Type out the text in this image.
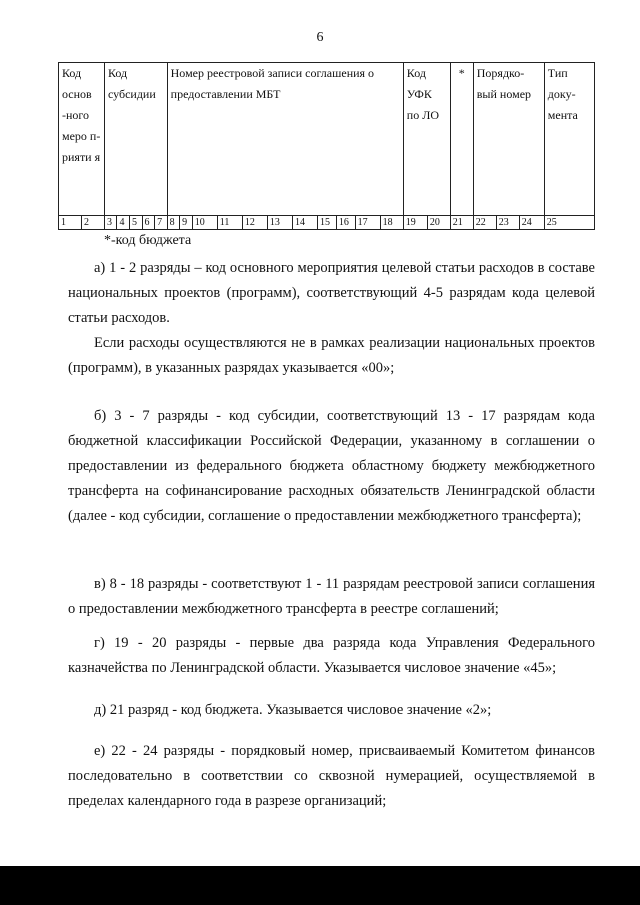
6
Код основ -ного меро п- рияти я		Код субсидии					Номер реестровой записи соглашения о предоставлении МБТ											Код УФК по ЛО		*	Порядко- вый номер			Тип доку- мента
1	2	3	4	5	6	7	8	9	10	11	12	13	14	15	16	17	18	19	20	21	22	23	24	25
*-код бюджета

а) 1 - 2 разряды – код основного мероприятия целевой статьи расходов в составе национальных проектов (программ), соответствующий 4-5 разрядам кода целевой статьи расходов.

Если расходы осуществляются не в рамках реализации национальных проектов (программ), в указанных разрядах указывается «00»;

б) 3 - 7 разряды - код субсидии, соответствующий 13 - 17 разрядам кода бюджетной классификации Российской Федерации, указанному в соглашении о предоставлении из федерального бюджета областному бюджету межбюджетного трансферта на софинансирование расходных обязательств Ленинградской области (далее - код субсидии, соглашение о предоставлении межбюджетного трансферта);

в) 8 - 18 разряды - соответствуют 1 - 11 разрядам реестровой записи соглашения о предоставлении межбюджетного трансферта в реестре соглашений;

г) 19 - 20 разряды - первые два разряда кода Управления Федерального казначейства по Ленинградской области. Указывается числовое значение «45»;

д) 21 разряд - код бюджета. Указывается числовое значение «2»;

е) 22 - 24 разряды - порядковый номер, присваиваемый Комитетом финансов последовательно в соответствии со сквозной нумерацией, осуществляемой в пределах календарного года в разрезе организаций;
